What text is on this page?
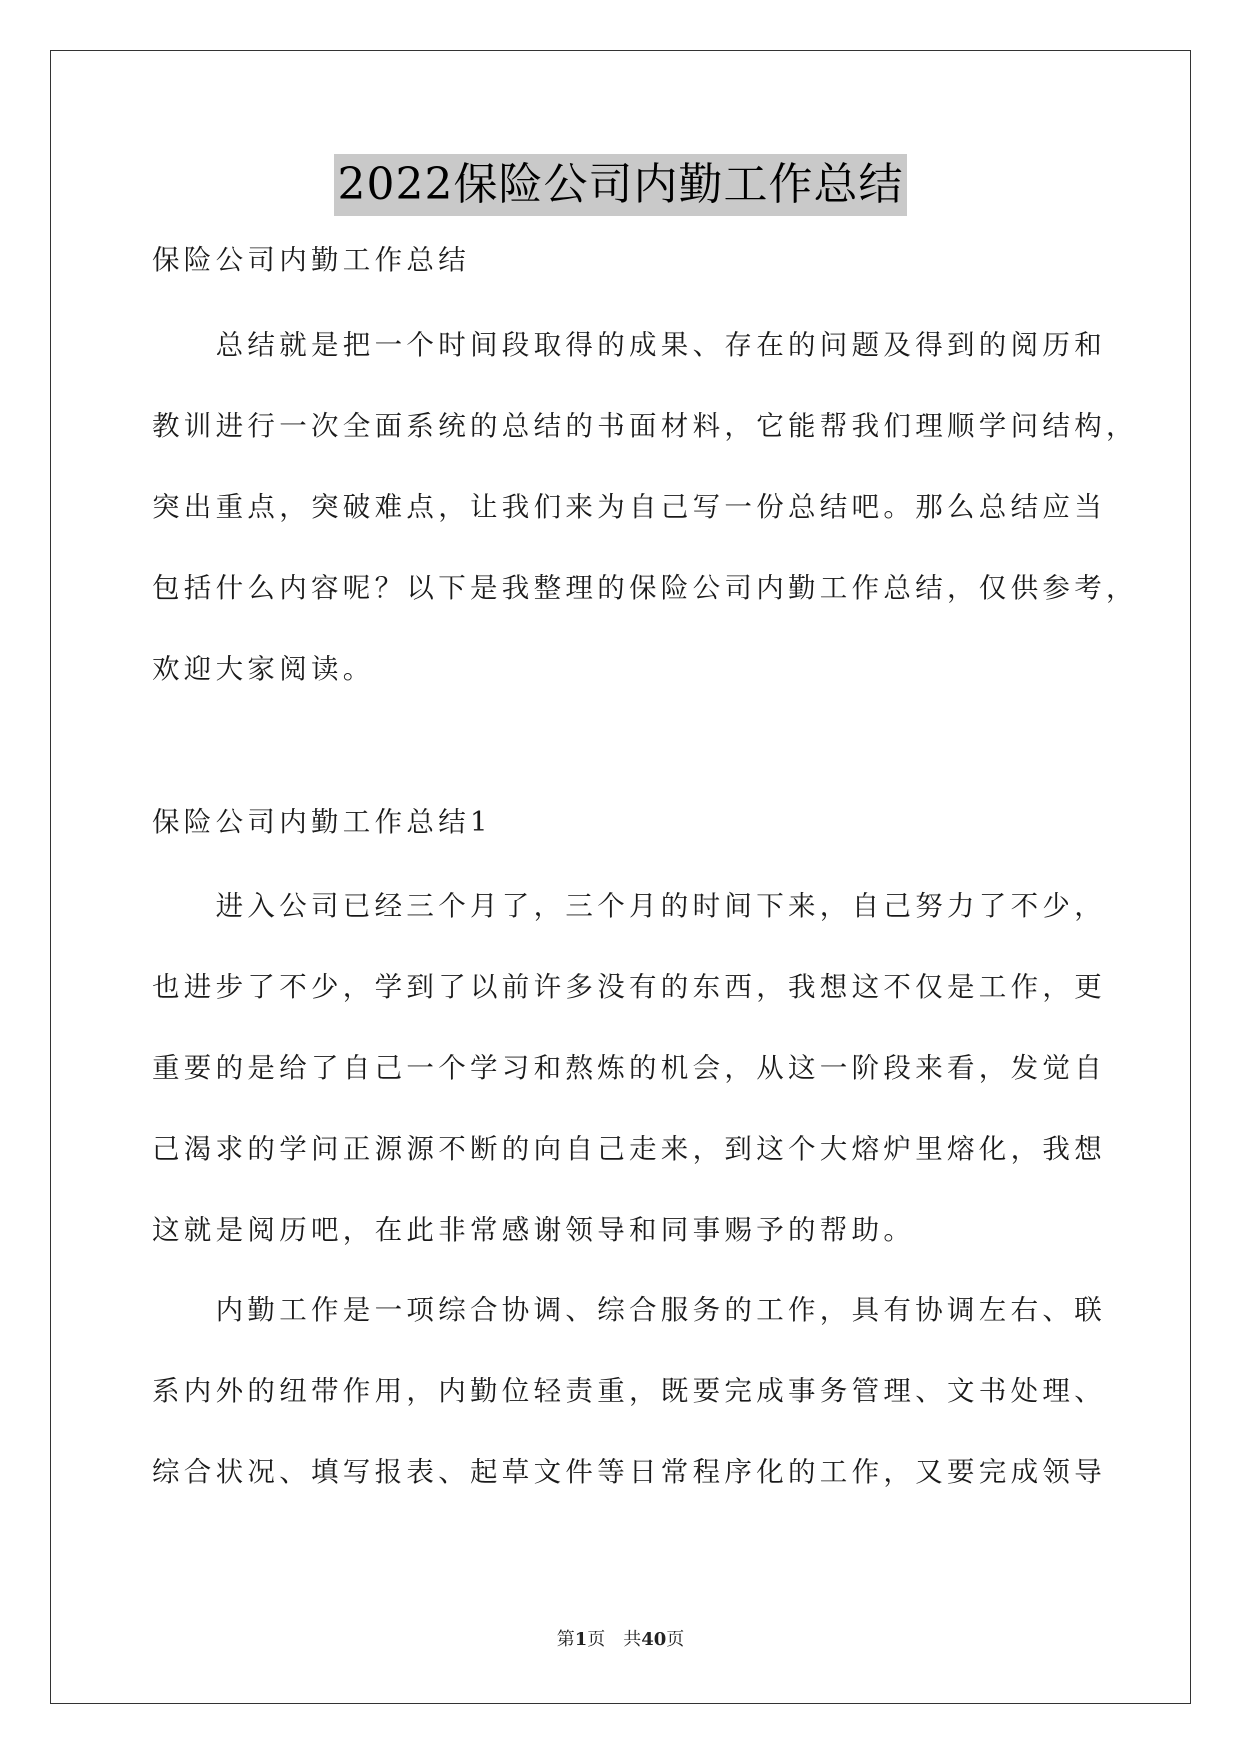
2022保险公司内勤工作总结
保险公司内勤工作总结
　　总结就是把一个时间段取得的成果、存在的问题及得到的阅历和
教训进行一次全面系统的总结的书面材料，它能帮我们理顺学问结构，
突出重点，突破难点，让我们来为自己写一份总结吧。那么总结应当
包括什么内容呢？以下是我整理的保险公司内勤工作总结，仅供参考，
欢迎大家阅读。
保险公司内勤工作总结1
　　进入公司已经三个月了，三个月的时间下来，自己努力了不少，
也进步了不少，学到了以前许多没有的东西，我想这不仅是工作，更
重要的是给了自己一个学习和熬炼的机会，从这一阶段来看，发觉自
己渴求的学问正源源不断的向自己走来，到这个大熔炉里熔化，我想
这就是阅历吧，在此非常感谢领导和同事赐予的帮助。
　　内勤工作是一项综合协调、综合服务的工作，具有协调左右、联
系内外的纽带作用，内勤位轻责重，既要完成事务管理、文书处理、
综合状况、填写报表、起草文件等日常程序化的工作，又要完成领导
第1页　共40页
